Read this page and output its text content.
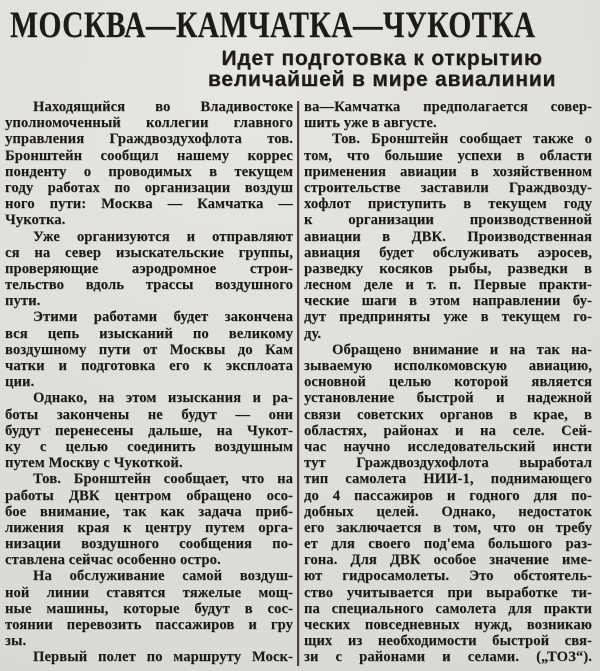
МОСКВА—КАМЧАТКА—ЧУКОТКА
Идет подготовка к открытию
величайшей в мире авиалинии
Находящийся во Владивостоке
уполномоченный коллегии главного
управления Граждвоздухофлота тов.
Бронштейн сообщил нашему коррес
понденту о проводимых в текущем
году работах по организации воздуш
ного пути: Москва — Камчатка —
Чукотка.
Уже организуются и отправляют
ся на север изыскательские группы,
проверяющие аэродромное строи-
тельство вдоль трассы воздушного
пути.
Этими работами будет закончена
вся цепь изысканий по великому
воздушному пути от Москвы до Кам
чатки и подготовка его к эксплоата
ции.
Однако, на этом изыскания и ра-
боты закончены не будут — они
будут перенесены дальше, на Чукот-
ку с целью соединить воздушным
путем Москву с Чукоткой.
Тов. Бронштейн сообщает, что на
работы ДВК центром обращено осо-
бое внимание, так как задача приб-
лижения края к центру путем орга-
низации воздушного сообщения по-
ставлена сейчас особенно остро.
На обслуживание самой воздуш-
ной линии ставятся тяжелые мощ-
ные машины, которые будут в сос-
тоянии перевозить пассажиров и гру
зы.
Первый полет по маршруту Моск-
ва—Камчатка предполагается совер-
шить уже в августе.
Тов. Бронштейн сообщает также о
том, что большие успехи в области
применения авиации в хозяйственном
строительстве заставили Граждвозду-
хофлот приступить в текущем году
к организации производственной
авиации в ДВК. Производственная
авиация будет обслуживать аэросев,
разведку косяков рыбы, разведки в
лесном деле и т. п. Первые практи-
ческие шаги в этом направлении бу-
дут предприняты уже в текущем го-
ду.
Обращено внимание и на так на-
зываемую исполкомовскую авиацию,
основной целью которой является
установление быстрой и надежной
связи советских органов в крае, в
областях, районах и на селе. Сей-
час научно исследовательский инсти
тут Граждвоздухофлота выработал
тип самолета НИИ-1, поднимающего
до 4 пассажиров и годного для по-
добных целей. Однако, недостаток
его заключается в том, что он требу
ет для своего под'ема большого раз-
гона. Для ДВК особое значение име-
ют гидросамолеты. Это обстоятель-
ство учитывается при выработке ти-
па специального самолета для практи
ческих повседневных нужд, возникаю
щих из необходимости быстрой свя-
зи с районами и селами. („ТОЗ“).
